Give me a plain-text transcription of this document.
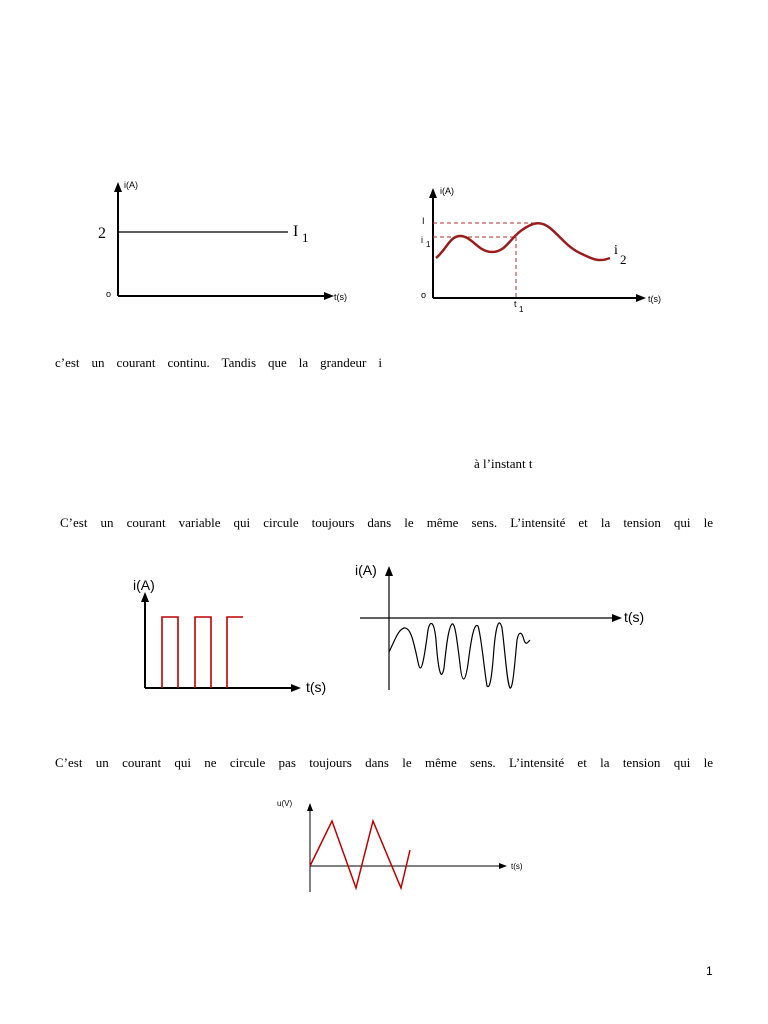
i(A)
t(s)
o
2	I 1
i(A)
t(s)
o
I
i 1
t
1
i
2
i(A)
t(s)
i(A)
t(s)
u(V)
t(s)
c’est un courant continu. Tandis que la grandeur i
à l’instant t
C’est un courant variable qui circule toujours dans le même sens. L’intensité et la tension qui le
C’est un courant qui ne circule pas toujours dans le même sens. L’intensité et la tension qui le
1
